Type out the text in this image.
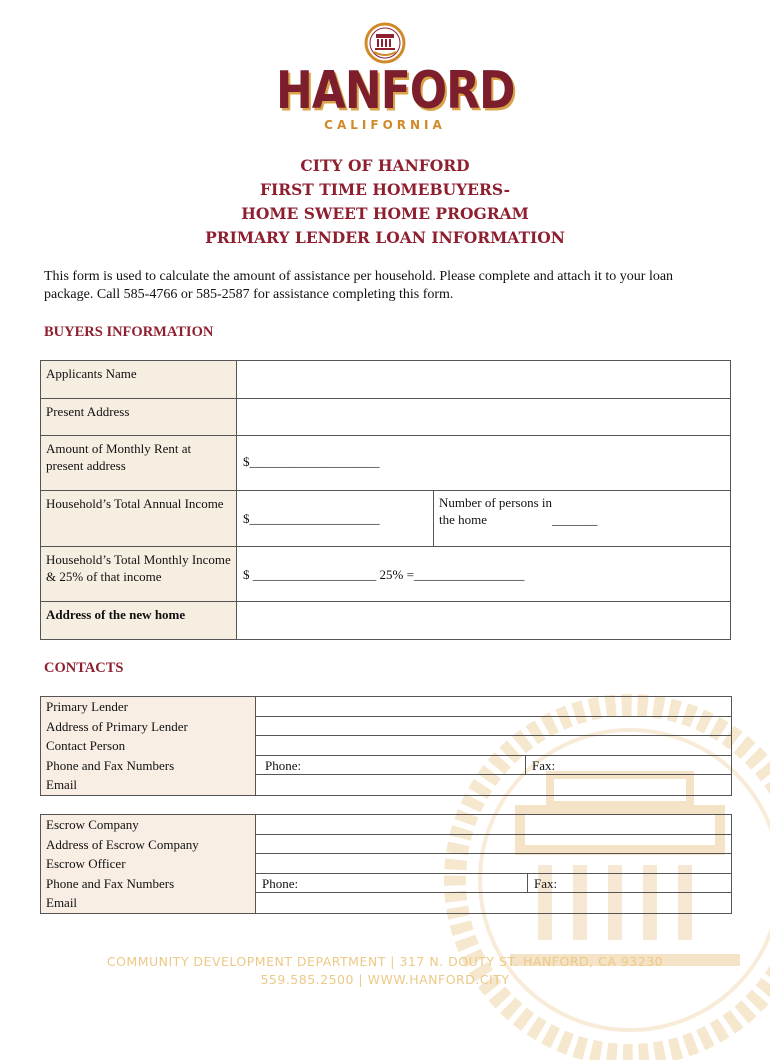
HANFORD
CALIFORNIA
CITY OF HANFORD
FIRST TIME HOMEBUYERS-
HOME SWEET HOME PROGRAM
PRIMARY LENDER LOAN INFORMATION
This form is used to calculate the amount of assistance per household. Please complete and attach it to your loan package. Call 585-4766 or 585-2587 for assistance completing this form.
BUYERS INFORMATION
Applicants Name		
Present Address		
Amount of Monthly Rent at present address	$____________________	
Household’s Total Annual Income	$____________________	Number of persons in the home _______

Household’s Total Monthly Income & 25% of that income	$ ___________________ 25% =_________________	
Address of the new home		
CONTACTS
Primary Lender
Address of Primary Lender
Contact Person
Phone and Fax Numbers	Phone:	Fax:
Email
Escrow Company
Address of Escrow Company
Escrow Officer
Phone and Fax Numbers	Phone:	Fax:
Email
COMMUNITY DEVELOPMENT DEPARTMENT | 317 N. DOUTY ST. HANFORD, CA 93230
559.585.2500 | WWW.HANFORD.CITY
